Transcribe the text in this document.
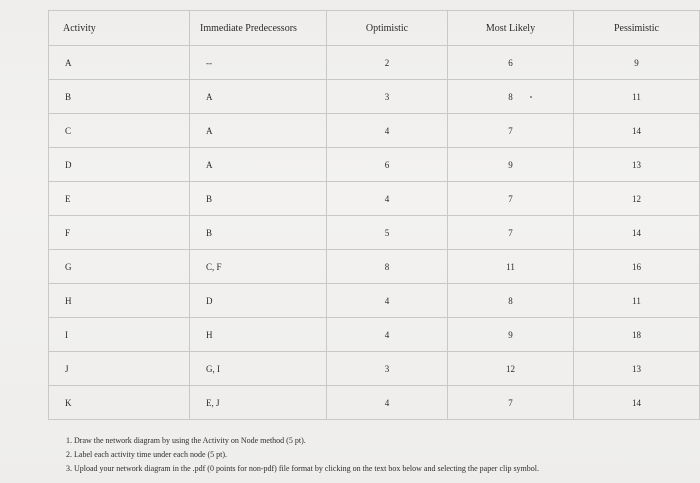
Activity	Immediate Predecessors	Optimistic	Most Likely	Pessimistic
A	--	2	6	9
B	A	3	8	11
C	A	4	7	14
D	A	6	9	13
E	B	4	7	12
F	B	5	7	14
G	C, F	8	11	16
H	D	4	8	11
I	H	4	9	18
J	G, I	3	12	13
K	E, J	4	7	14
1. Draw the network diagram by using the Activity on Node method (5 pt).
2. Label each activity time under each node (5 pt).
3. Upload your network diagram in the .pdf (0 points for non-pdf) file format by clicking on the text box below and selecting the paper clip symbol.
